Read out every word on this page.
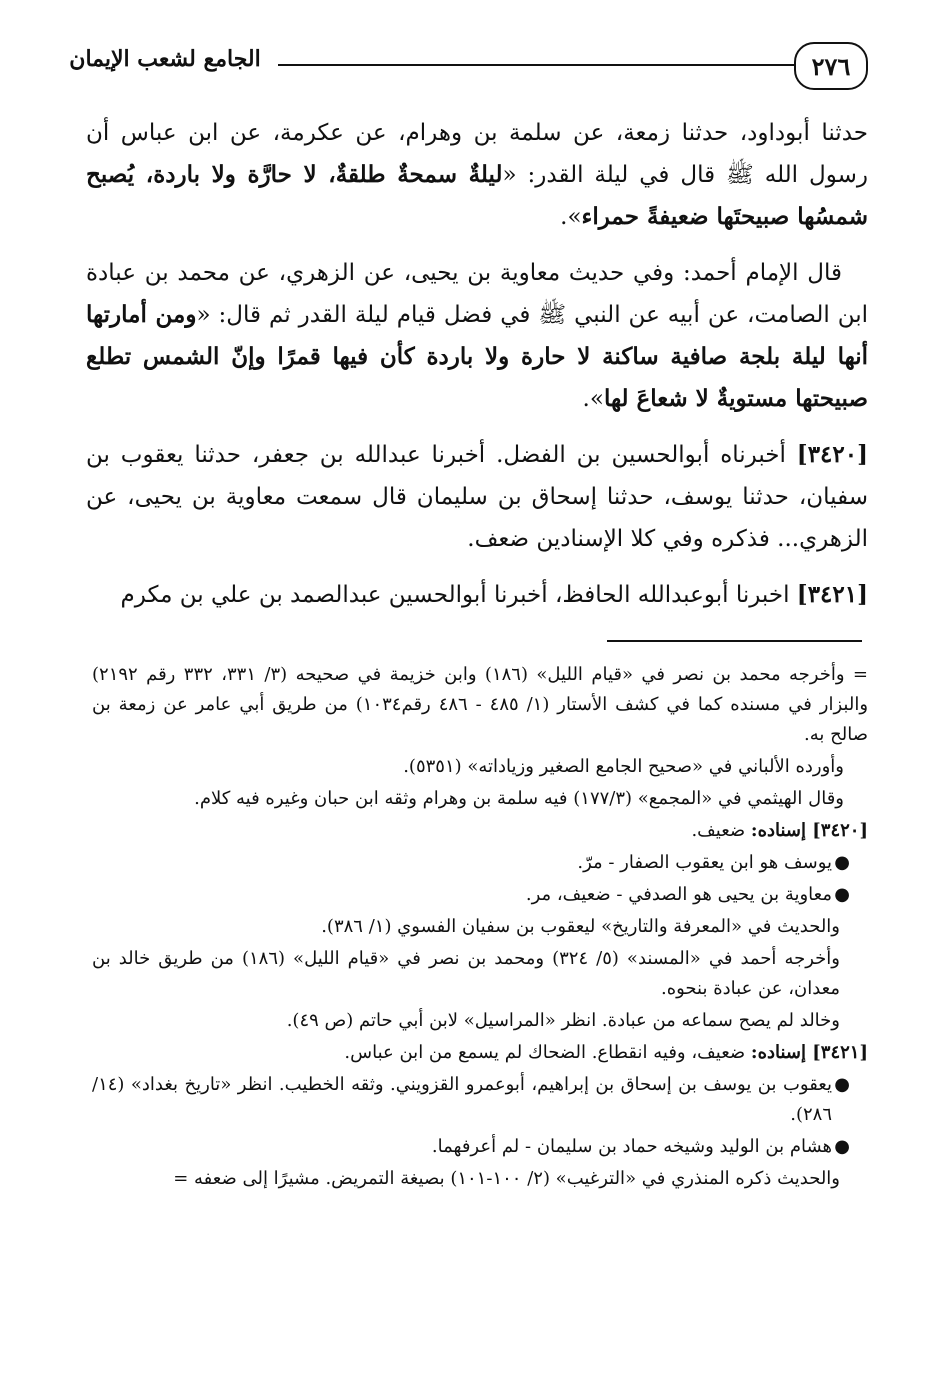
٢٧٦
الجامع لشعب الإيمان

حدثنا أبوداود، حدثنا زمعة، عن سلمة بن وهرام، عن عكرمة، عن ابن عباس أن رسول الله ﷺ قال في ليلة القدر: «ليلةٌ سمحةٌ طلقةٌ، لا حارَّة ولا باردة، يُصبح شمسُها صبيحتَها ضعيفةً حمراء».

قال الإمام أحمد: وفي حديث معاوية بن يحيى، عن الزهري، عن محمد بن عبادة ابن الصامت، عن أبيه عن النبي ﷺ في فضل قيام ليلة القدر ثم قال: «ومن أمارتها أنها ليلة بلجة صافية ساكنة لا حارة ولا باردة كأن فيها قمرًا وإنّ الشمس تطلع صبيحتها مستويةٌ لا شعاعَ لها».

[٣٤٢٠] أخبرناه أبوالحسين بن الفضل. أخبرنا عبدالله بن جعفر، حدثنا يعقوب بن سفيان، حدثنا يوسف، حدثنا إسحاق بن سليمان قال سمعت معاوية بن يحيى، عن الزهري... فذكره وفي كلا الإسنادين ضعف.

[٣٤٢١] اخبرنا أبوعبدالله الحافظ، أخبرنا أبوالحسين عبدالصمد بن علي بن مكرم

= وأخرجه محمد بن نصر في «قيام الليل» (١٨٦) وابن خزيمة في صحيحه (٣/ ٣٣١، ٣٣٢ رقم ٢١٩٢) والبزار في مسنده كما في كشف الأستار (١/ ٤٨٥ - ٤٨٦ رقم١٠٣٤) من طريق أبي عامر عن زمعة بن صالح به.

وأورده الألباني في «صحيح الجامع الصغير وزياداته» (٥٣٥١).

وقال الهيثمي في «المجمع» (١٧٧/٣) فيه سلمة بن وهرام وثقه ابن حبان وغيره فيه كلام.

[٣٤٢٠] إسناده: ضعيف.

●
يوسف هو ابن يعقوب الصفار - مرّ.

●
معاوية بن يحيى هو الصدفي - ضعيف، مر.

والحديث في «المعرفة والتاريخ» ليعقوب بن سفيان الفسوي (١/ ٣٨٦).

وأخرجه أحمد في «المسند» (٥/ ٣٢٤) ومحمد بن نصر في «قيام الليل» (١٨٦) من طريق خالد بن معدان، عن عبادة بنحوه.

وخالد لم يصح سماعه من عبادة. انظر «المراسيل» لابن أبي حاتم (ص ٤٩).

[٣٤٢١] إسناده: ضعيف، وفيه انقطاع. الضحاك لم يسمع من ابن عباس.

●
يعقوب بن يوسف بن إسحاق بن إبراهيم، أبوعمرو القزويني. وثقه الخطيب. انظر «تاريخ بغداد» (١٤/ ٢٨٦).

●
هشام بن الوليد وشيخه حماد بن سليمان - لم أعرفهما.

والحديث ذكره المنذري في «الترغيب» (٢/ ١٠٠-١٠١) بصيغة التمريض. مشيرًا إلى ضعفه =
